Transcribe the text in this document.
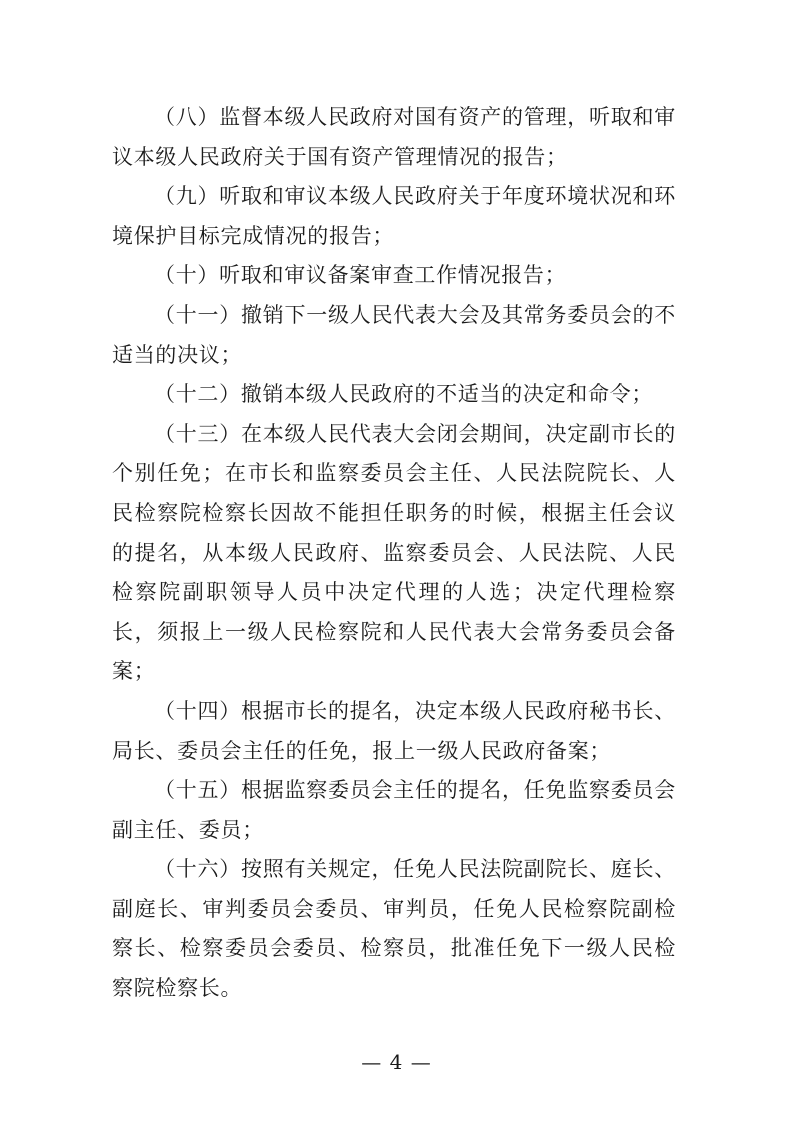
（八）监督本级人民政府对国有资产的管理，听取和审议本级人民政府关于国有资产管理情况的报告；

（九）听取和审议本级人民政府关于年度环境状况和环境保护目标完成情况的报告；

（十）听取和审议备案审查工作情况报告；

（十一）撤销下一级人民代表大会及其常务委员会的不适当的决议；

（十二）撤销本级人民政府的不适当的决定和命令；

（十三）在本级人民代表大会闭会期间，决定副市长的个别任免；在市长和监察委员会主任、人民法院院长、人民检察院检察长因故不能担任职务的时候，根据主任会议的提名，从本级人民政府、监察委员会、人民法院、人民检察院副职领导人员中决定代理的人选；决定代理检察长，须报上一级人民检察院和人民代表大会常务委员会备案；

（十四）根据市长的提名，决定本级人民政府秘书长、局长、委员会主任的任免，报上一级人民政府备案；

（十五）根据监察委员会主任的提名，任免监察委员会副主任、委员；

（十六）按照有关规定，任免人民法院副院长、庭长、副庭长、审判委员会委员、审判员，任免人民检察院副检察长、检察委员会委员、检察员，批准任免下一级人民检察院检察长。

— 4 —
